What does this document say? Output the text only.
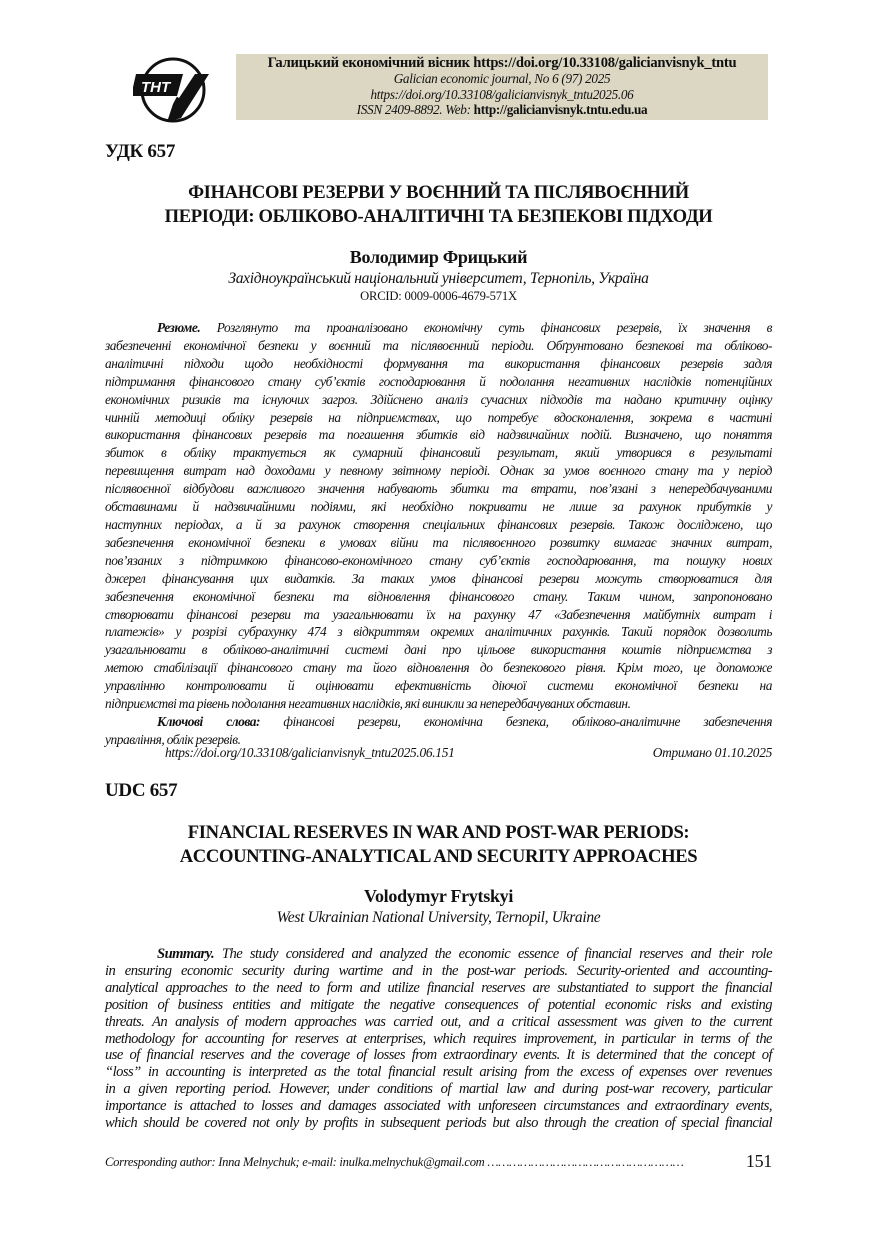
ТНТ
Галицький економічний вісник https://doi.org/10.33108/galicianvisnyk_tntu
Galician economic journal, No 6 (97) 2025
https://doi.org/10.33108/galicianvisnyk_tntu2025.06
ISSN 2409-8892. Web: http://galicianvisnyk.tntu.edu.ua
УДК 657
ФІНАНСОВІ РЕЗЕРВИ У ВОЄННИЙ ТА ПІСЛЯВОЄННИЙ
ПЕРІОДИ: ОБЛІКОВО-АНАЛІТИЧНІ ТА БЕЗПЕКОВІ ПІДХОДИ
Володимир Фрицький
Західноукраїнський національний університет, Тернопіль, Україна
ORCID: 0009-0006-4679-571X
Резюме. Розглянуто та проаналізовано економічну суть фінансових резервів, їх значення в
забезпеченні економічної безпеки у воєнний та післявоєнний періоди. Обґрунтовано безпекові та обліково-
аналітичні підходи щодо необхідності формування та використання фінансових резервів задля
підтримання фінансового стану суб’єктів господарювання й подолання негативних наслідків потенційних
економічних ризиків та існуючих загроз. Здійснено аналіз сучасних підходів та надано критичну оцінку
чинній методиці обліку резервів на підприємствах, що потребує вдосконалення, зокрема в частині
використання фінансових резервів та погашення збитків від надзвичайних подій. Визначено, що поняття
збиток в обліку трактується як сумарний фінансовий результат, який утворився в результаті
перевищення витрат над доходами у певному звітному періоді. Однак за умов воєнного стану та у період
післявоєнної відбудови важливого значення набувають збитки та втрати, пов’язані з непередбачуваними
обставинами й надзвичайними подіями, які необхідно покривати не лише за рахунок прибутків у
наступних періодах, а й за рахунок створення спеціальних фінансових резервів. Також досліджено, що
забезпечення економічної безпеки в умовах війни та післявоєнного розвитку вимагає значних витрат,
пов’язаних з підтримкою фінансово-економічного стану суб’єктів господарювання, та пошуку нових
джерел фінансування цих видатків. За таких умов фінансові резерви можуть створюватися для
забезпечення економічної безпеки та відновлення фінансового стану. Таким чином, запропоновано
створювати фінансові резерви та узагальнювати їх на рахунку 47 «Забезпечення майбутніх витрат і
платежів» у розрізі субрахунку 474 з відкриттям окремих аналітичних рахунків. Такий порядок дозволить
узагальнювати в обліково-аналітичні системі дані про цільове використання коштів підприємства з
метою стабілізації фінансового стану та його відновлення до безпекового рівня. Крім того, це допоможе
управлінню контролювати й оцінювати ефективність діючої системи економічної безпеки на
підприємстві та рівень подолання негативних наслідків, які виникли за непередбачуваних обставин.
Ключові слова: фінансові резерви, економічна безпека, обліково-аналітичне забезпечення
управління, облік резервів.
https://doi.org/10.33108/galicianvisnyk_tntu2025.06.151	Отримано 01.10.2025
UDC 657
FINANCIAL RESERVES IN WAR AND POST-WAR PERIODS:
ACCOUNTING-ANALYTICAL AND SECURITY APPROACHES
Volodymyr Frytskyi
West Ukrainian National University, Ternopil, Ukraine
Summary. The study considered and analyzed the economic essence of financial reserves and their role
in ensuring economic security during wartime and in the post-war periods. Security-oriented and accounting-
analytical approaches to the need to form and utilize financial reserves are substantiated to support the financial
position of business entities and mitigate the negative consequences of potential economic risks and existing
threats. An analysis of modern approaches was carried out, and a critical assessment was given to the current
methodology for accounting for reserves at enterprises, which requires improvement, in particular in terms of the
use of financial reserves and the coverage of losses from extraordinary events. It is determined that the concept of
“loss” in accounting is interpreted as the total financial result arising from the excess of expenses over revenues
in a given reporting period. However, under conditions of martial law and during post-war recovery, particular
importance is attached to losses and damages associated with unforeseen circumstances and extraordinary events,
which should be covered not only by profits in subsequent periods but also through the creation of special financial
Corresponding author: Inna Melnychuk; e-mail: inulka.melnychuk@gmail.com ………………………………………………	151
